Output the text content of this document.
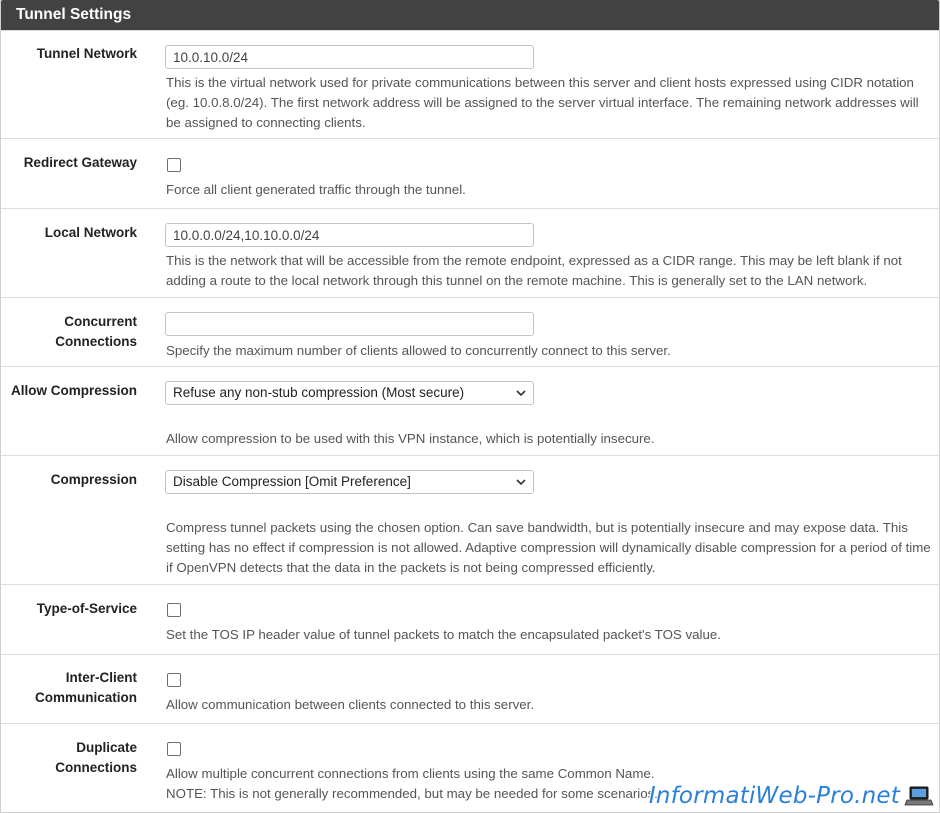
Tunnel Settings
Tunnel Network
10.0.10.0/24
This is the virtual network used for private communications between this server and client hosts expressed using CIDR notation (eg. 10.0.8.0/24). The first network address will be assigned to the server virtual interface. The remaining network addresses will be assigned to connecting clients.
Redirect Gateway
Force all client generated traffic through the tunnel.
Local Network
10.0.0.0/24,10.10.0.0/24
This is the network that will be accessible from the remote endpoint, expressed as a CIDR range. This may be left blank if not adding a route to the local network through this tunnel on the remote machine. This is generally set to the LAN network.
Concurrent
Connections
Specify the maximum number of clients allowed to concurrently connect to this server.
Allow Compression	Refuse any non-stub compression (Most secure)
Allow compression to be used with this VPN instance, which is potentially insecure.
Compression	Disable Compression [Omit Preference]
Compress tunnel packets using the chosen option. Can save bandwidth, but is potentially insecure and may expose data. This setting has no effect if compression is not allowed. Adaptive compression will dynamically disable compression for a period of time if OpenVPN detects that the data in the packets is not being compressed efficiently.
Type-of-Service
Set the TOS IP header value of tunnel packets to match the encapsulated packet's TOS value.
Inter-Client
Communication Allow communication between clients connected to this server.
Duplicate
Connections Allow multiple concurrent connections from clients using the same Common Name.
NOTE: This is not generally recommended, but may be needed for some scenarios.
InformatiWeb-Pro.net
